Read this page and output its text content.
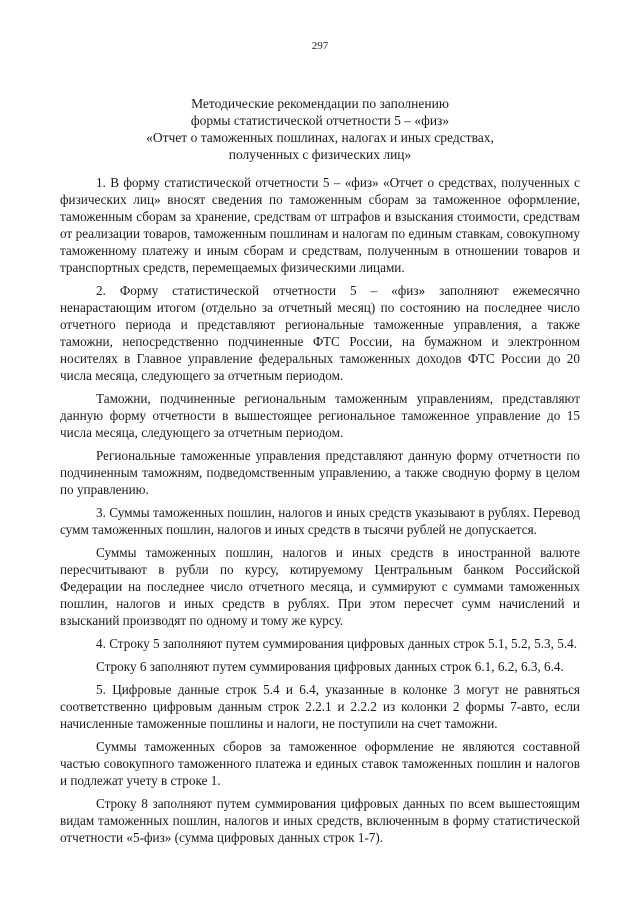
297
Методические рекомендации по заполнению
формы статистической отчетности 5 – «физ»
«Отчет о таможенных пошлинах, налогах и иных средствах,
полученных с физических лиц»

1. В форму статистической отчетности 5 – «физ» «Отчет о средствах, полученных с физических лиц» вносят сведения по таможенным сборам за таможенное оформление, таможенным сборам за хранение, средствам от штрафов и взыскания стоимости, средствам от реализации товаров, таможенным пошлинам и налогам по единым ставкам, совокупному таможенному платежу и иным сборам и средствам, полученным в отношении товаров и транспортных средств, перемещаемых физическими лицами.

2. Форму статистической отчетности 5 – «физ» заполняют ежемесячно ненарастающим итогом (отдельно за отчетный месяц) по состоянию на последнее число отчетного периода и представляют региональные таможенные управления, а также таможни, непосредственно подчиненные ФТС России, на бумажном и электронном носителях в Главное управление федеральных таможенных доходов ФТС России до 20 числа месяца, следующего за отчетным периодом.

Таможни, подчиненные региональным таможенным управлениям, представляют данную форму отчетности в вышестоящее региональное таможенное управление до 15 числа месяца, следующего за отчетным периодом.

Региональные таможенные управления представляют данную форму отчетности по подчиненным таможням, подведомственным управлению, а также сводную форму в целом по управлению.

3. Суммы таможенных пошлин, налогов и иных средств указывают в рублях. Перевод сумм таможенных пошлин, налогов и иных средств в тысячи рублей не допускается.

Суммы таможенных пошлин, налогов и иных средств в иностранной валюте пересчитывают в рубли по курсу, котируемому Центральным банком Российской Федерации на последнее число отчетного месяца, и суммируют с суммами таможенных пошлин, налогов и иных средств в рублях. При этом пересчет сумм начислений и взысканий производят по одному и тому же курсу.

4. Строку 5 заполняют путем суммирования цифровых данных строк 5.1, 5.2, 5.3, 5.4.

Строку 6 заполняют путем суммирования цифровых данных строк 6.1, 6.2, 6.3, 6.4.

5. Цифровые данные строк 5.4 и 6.4, указанные в колонке 3 могут не равняться соответственно цифровым данным строк 2.2.1 и 2.2.2 из колонки 2 формы 7-авто, если начисленные таможенные пошлины и налоги, не поступили на счет таможни.

Суммы таможенных сборов за таможенное оформление не являются составной частью совокупного таможенного платежа и единых ставок таможенных пошлин и налогов и подлежат учету в строке 1.

Строку 8 заполняют путем суммирования цифровых данных по всем вышестоящим видам таможенных пошлин, налогов и иных средств, включенным в форму статистической отчетности «5-физ» (сумма цифровых данных строк 1-7).
